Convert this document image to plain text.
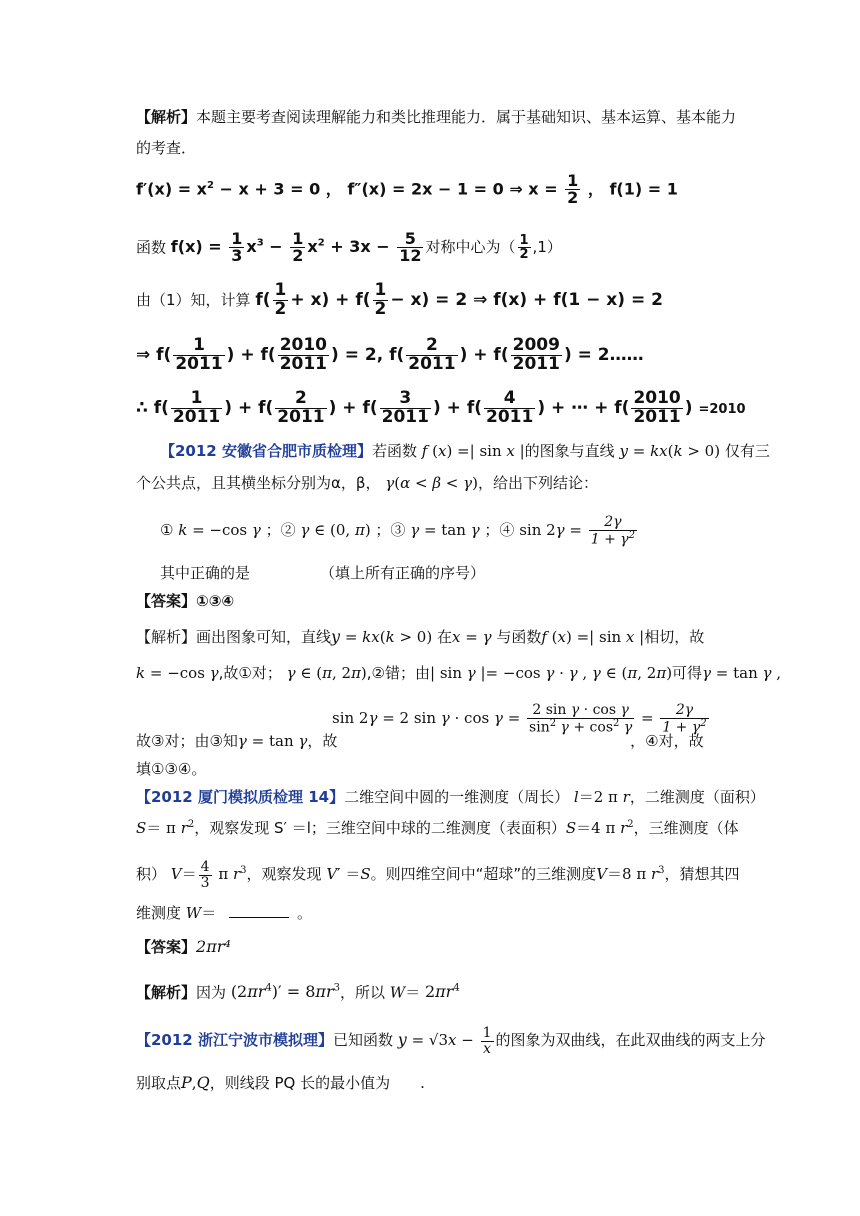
【解析】本题主要考查阅读理解能力和类比推理能力．属于基础知识、基本运算、基本能力
的考查．
$f'(x) = x^2 - x + 3 = 0$ ， f″(x) = 2x − 1 = 0 ⇒ $x = \frac{1}{2}$ ， f(1) = 1
函数 $f(x) = \frac{1}{3} x^3 - \frac{1}{2} x^2 + 3x - \frac{5}{12}$ 对称中心为（ $\frac{1}{2} ,1$）
由（1）知，计算 $f( \frac{1}{2} + x) + f( \frac{1}{2} - x) = 2$ ⇒ f(x) + f(1 − x) = 2
⇒ $f( \frac{1}{2011}$ ) + $f( \frac{2010}{2011}$ ) = 2, $f( \frac{2}{2011}$ ) + $f( \frac{2009}{2011}$ ) = 2……
∴ $f( \frac{1}{2011}$ ) + $f( \frac{2}{2011}$ ) + $f( \frac{3}{2011}$ ) + $f( \frac{4}{2011}$ ) + ⋯ + $f( \frac{2010}{2011}$ ) =2010
【2012 安徽省合肥市质检理】若函数 f (x) =| sin x |的图象与直线 y = kx(k > 0) 仅有三
个公共点，且其横坐标分别为α，β， γ(α < β < γ)，给出下列结论：
① k = −cos γ ；② γ ∈ (0, π) ；③ γ = tan γ ；④ $\sin 2\gamma = \frac{2\gamma}{1 + \gamma^2}$
其中正确的是	（填上所有正确的序号）
【答案】①③④
【解析】画出图象可知，直线y = kx(k > 0) 在x = γ 与函数f (x) =| sin x |相切，故
k = −cos γ,故①对； γ ∈ (π, 2π),②错；由| sin γ |= −cos γ · γ , γ ∈ (π, 2π)可得γ = tan γ ,
sin 2γ = 2 $\sin \gamma \cdot \cos \gamma = \frac{\text{2 sin γ · cos γ}}{\sin^2 \gamma + \cos^2 \gamma} = \frac{2\gamma}{1 + \gamma^2}$
故③对；由③知γ = tan γ，故	，④对，故
填①③④。
【2012 厦门模拟质检理 14】二维空间中圆的一维测度（周长） l＝2 π r，二维测度（面积）
S＝ π $r^2$，观察发现 S′ ＝l；三维空间中球的二维测度（表面积）S＝4 π $r^2$，三维测度（体
积） $V= \frac{4}{3}$ π $r^3$，观察发现 V′ ＝S。则四维空间中“超球”的三维测度V＝8 π $r^3$，猜想其四
维测度 W＝	。
【答案】2πr⁴
【解析】因为 $(2\pi r^4)' = 8\pi r^3$，所以 $W= 2\pi r^4$
【2012 浙江宁波市模拟理】已知函数 $y = √3x - \frac{1}{x}$ 的图象为双曲线，在此双曲线的两支上分
别取点P,Q，则线段 PQ 长的最小值为 .
